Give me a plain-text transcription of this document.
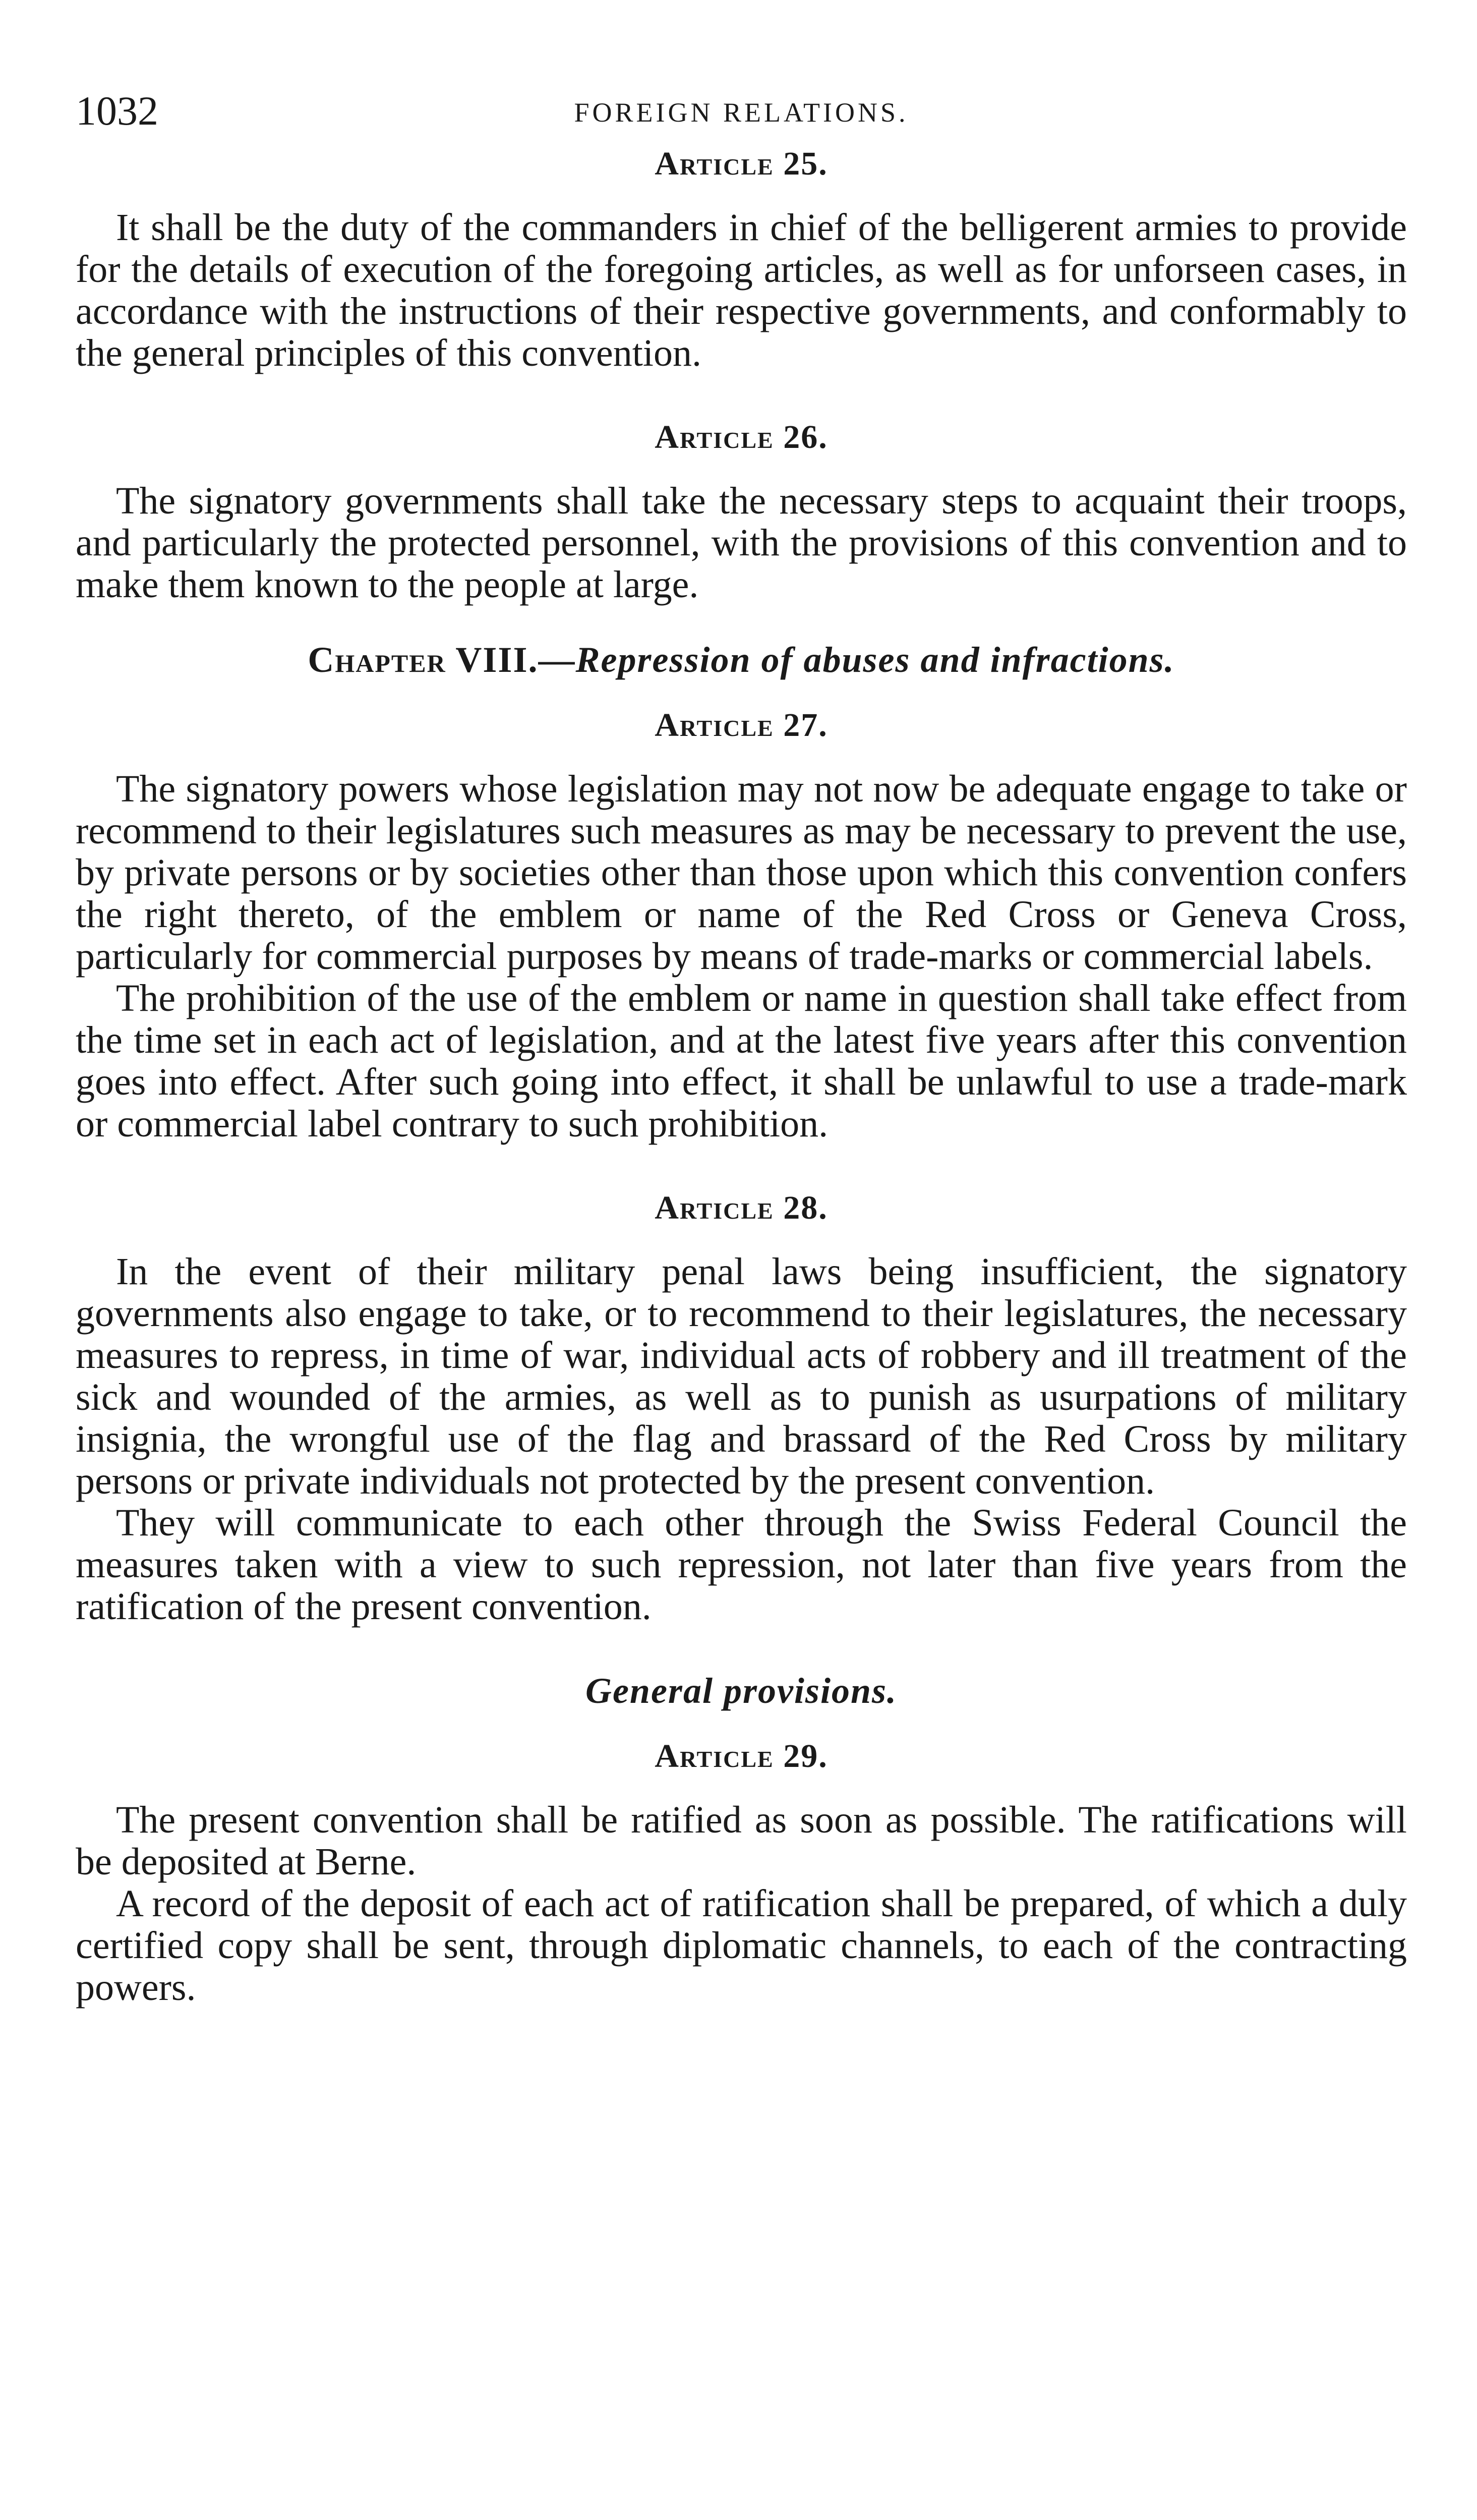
1032	FOREIGN RELATIONS.
Article 25.

It shall be the duty of the commanders in chief of the belligerent armies to provide for the details of execution of the foregoing articles, as well as for unforseen cases, in accordance with the instructions of their respective governments, and conformably to the general principles of this convention.

Article 26.

The signatory governments shall take the necessary steps to acquaint their troops, and particularly the protected personnel, with the provisions of this convention and to make them known to the people at large.

Chapter VIII.—Repression of abuses and infractions.
Article 27.

The signatory powers whose legislation may not now be adequate engage to take or recommend to their legislatures such measures as may be necessary to prevent the use, by private persons or by societies other than those upon which this convention confers the right thereto, of the emblem or name of the Red Cross or Geneva Cross, particularly for commercial purposes by means of trade-marks or commercial labels.

The prohibition of the use of the emblem or name in question shall take effect from the time set in each act of legislation, and at the latest five years after this convention goes into effect. After such going into effect, it shall be unlawful to use a trade-mark or commercial label contrary to such prohibition.

Article 28.

In the event of their military penal laws being insufficient, the signatory governments also engage to take, or to recommend to their legislatures, the necessary measures to repress, in time of war, individual acts of robbery and ill treatment of the sick and wounded of the armies, as well as to punish as usurpations of military insignia, the wrongful use of the flag and brassard of the Red Cross by military persons or private individuals not protected by the present convention.

They will communicate to each other through the Swiss Federal Council the measures taken with a view to such repression, not later than five years from the ratification of the present convention.

General provisions.
Article 29.

The present convention shall be ratified as soon as possible. The ratifications will be deposited at Berne.

A record of the deposit of each act of ratification shall be prepared, of which a duly certified copy shall be sent, through diplomatic channels, to each of the contracting powers.
